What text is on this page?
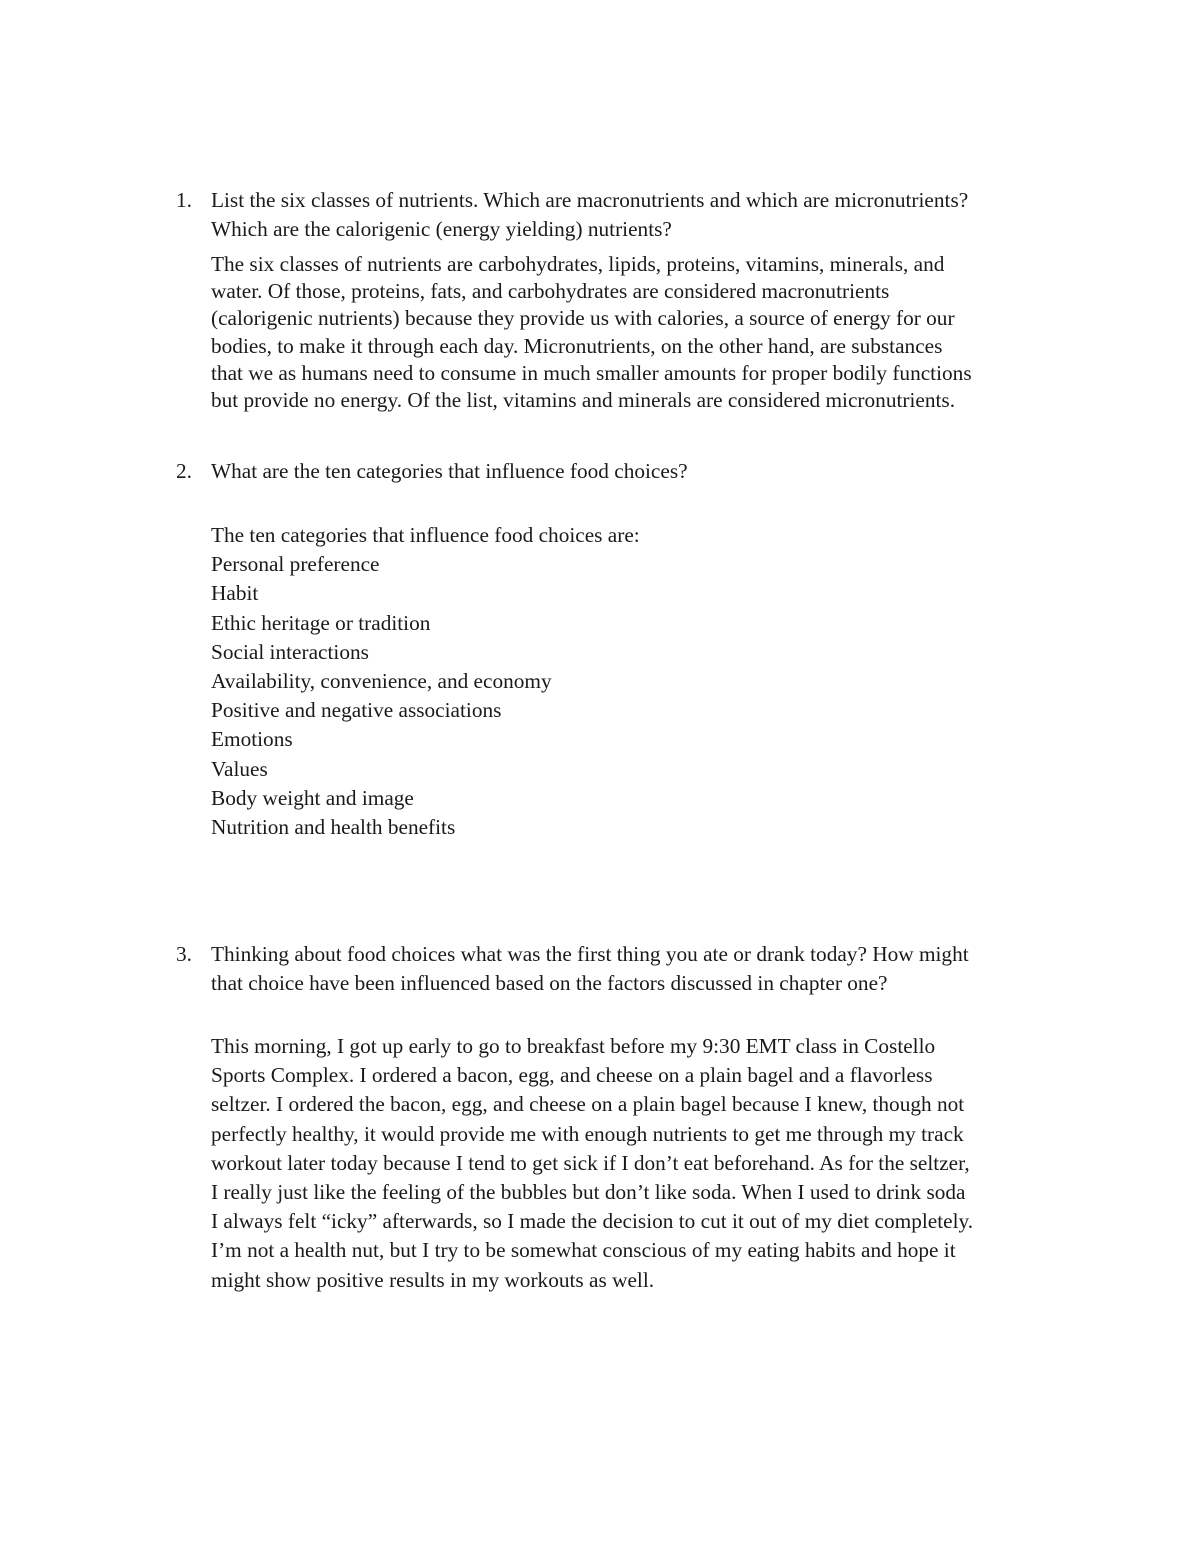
1. List the six classes of nutrients. Which are macronutrients and which are micronutrients?
Which are the calorigenic (energy yielding) nutrients?
The six classes of nutrients are carbohydrates, lipids, proteins, vitamins, minerals, and
water. Of those, proteins, fats, and carbohydrates are considered macronutrients
(calorigenic nutrients) because they provide us with calories, a source of energy for our
bodies, to make it through each day. Micronutrients, on the other hand, are substances
that we as humans need to consume in much smaller amounts for proper bodily functions
but provide no energy. Of the list, vitamins and minerals are considered micronutrients.
2. What are the ten categories that influence food choices?
The ten categories that influence food choices are:
Personal preference
Habit
Ethic heritage or tradition
Social interactions
Availability, convenience, and economy
Positive and negative associations
Emotions
Values
Body weight and image
Nutrition and health benefits
3. Thinking about food choices what was the first thing you ate or drank today? How might
that choice have been influenced based on the factors discussed in chapter one?
This morning, I got up early to go to breakfast before my 9:30 EMT class in Costello
Sports Complex. I ordered a bacon, egg, and cheese on a plain bagel and a flavorless
seltzer. I ordered the bacon, egg, and cheese on a plain bagel because I knew, though not
perfectly healthy, it would provide me with enough nutrients to get me through my track
workout later today because I tend to get sick if I don’t eat beforehand. As for the seltzer,
I really just like the feeling of the bubbles but don’t like soda. When I used to drink soda
I always felt “icky” afterwards, so I made the decision to cut it out of my diet completely.
I’m not a health nut, but I try to be somewhat conscious of my eating habits and hope it
might show positive results in my workouts as well.
